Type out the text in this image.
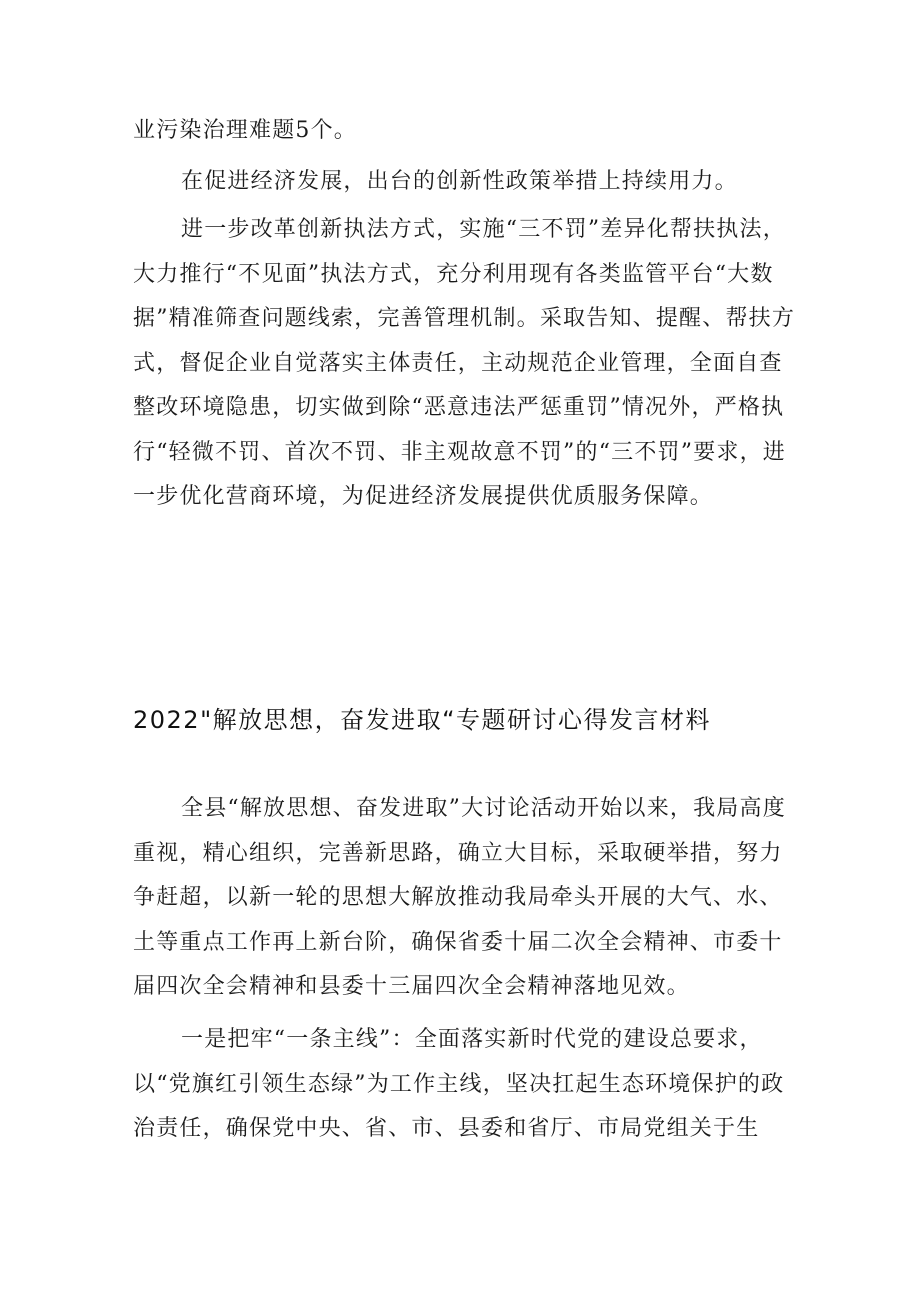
业污染治理难题5个。

在促进经济发展，出台的创新性政策举措上持续用力。

进一步改革创新执法方式，实施“三不罚”差异化帮扶执法，大力推行“不见面”执法方式，充分利用现有各类监管平台“大数据”精准筛查问题线索，完善管理机制。采取告知、提醒、帮扶方式，督促企业自觉落实主体责任，主动规范企业管理，全面自查整改环境隐患，切实做到除“恶意违法严惩重罚”情况外，严格执行“轻微不罚、首次不罚、非主观故意不罚”的“三不罚”要求，进一步优化营商环境，为促进经济发展提供优质服务保障。

2022"解放思想，奋发进取“专题研讨心得发言材料

全县“解放思想、奋发进取”大讨论活动开始以来，我局高度重视，精心组织，完善新思路，确立大目标，采取硬举措，努力争赶超，以新一轮的思想大解放推动我局牵头开展的大气、水、土等重点工作再上新台阶，确保省委十届二次全会精神、市委十届四次全会精神和县委十三届四次全会精神落地见效。

一是把牢“一条主线”：全面落实新时代党的建设总要求，以“党旗红引领生态绿”为工作主线，坚决扛起生态环境保护的政治责任，确保党中央、省、市、县委和省厅、市局党组关于生
